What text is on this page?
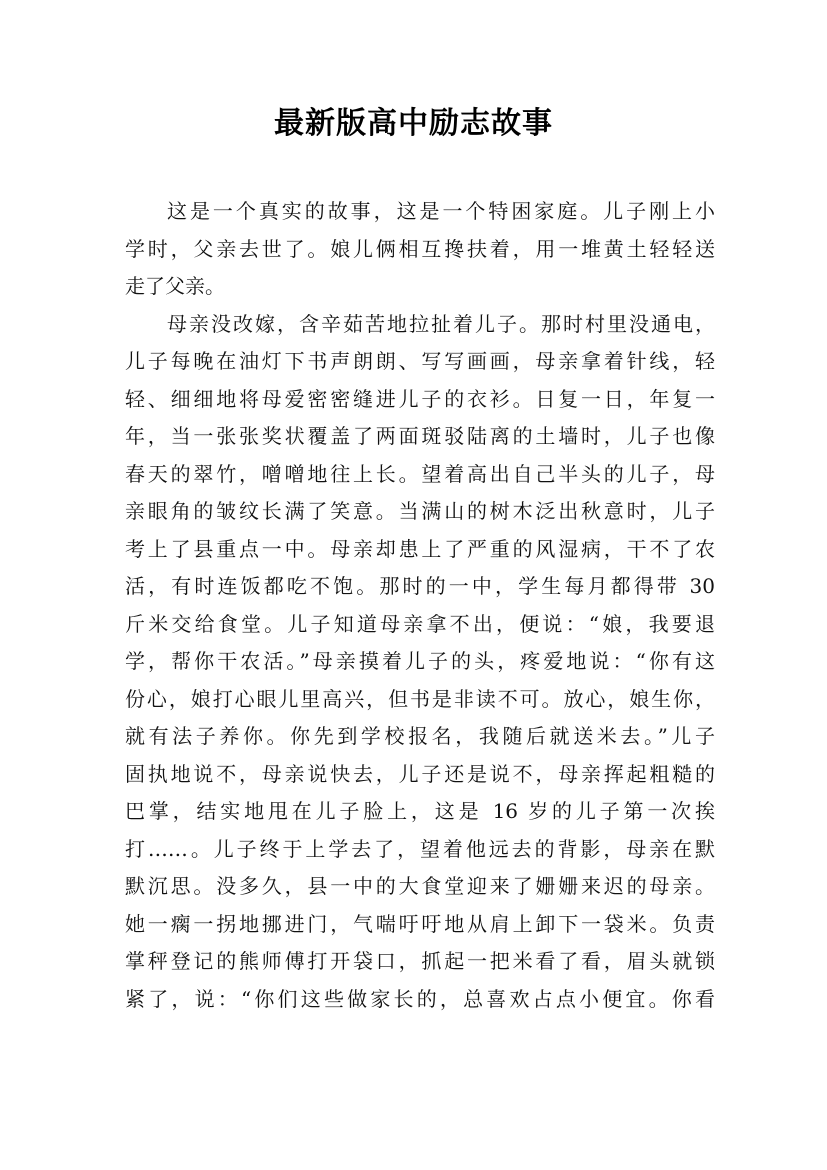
最新版高中励志故事
这是一个真实的故事，这是一个特困家庭。儿子刚上小
学时，父亲去世了。娘儿俩相互搀扶着，用一堆黄土轻轻送
走了父亲。
母亲没改嫁，含辛茹苦地拉扯着儿子。那时村里没通电，
儿子每晚在油灯下书声朗朗、写写画画，母亲拿着针线，轻
轻、细细地将母爱密密缝进儿子的衣衫。日复一日，年复一
年，当一张张奖状覆盖了两面斑驳陆离的土墙时，儿子也像
春天的翠竹，噌噌地往上长。望着高出自己半头的儿子，母
亲眼角的皱纹长满了笑意。当满山的树木泛出秋意时，儿子
考上了县重点一中。母亲却患上了严重的风湿病，干不了农
活，有时连饭都吃不饱。那时的一中，学生每月都得带 30
斤米交给食堂。儿子知道母亲拿不出，便说：“娘，我要退
学，帮你干农活。”母亲摸着儿子的头，疼爱地说：“你有这
份心，娘打心眼儿里高兴，但书是非读不可。放心，娘生你，
就有法子养你。你先到学校报名，我随后就送米去。”儿子
固执地说不，母亲说快去，儿子还是说不，母亲挥起粗糙的
巴掌，结实地甩在儿子脸上，这是 16 岁的儿子第一次挨
打……。儿子终于上学去了，望着他远去的背影，母亲在默
默沉思。没多久，县一中的大食堂迎来了姗姗来迟的母亲。
她一瘸一拐地挪进门，气喘吁吁地从肩上卸下一袋米。负责
掌秤登记的熊师傅打开袋口，抓起一把米看了看，眉头就锁
紧了，说：“你们这些做家长的，总喜欢占点小便宜。你看
